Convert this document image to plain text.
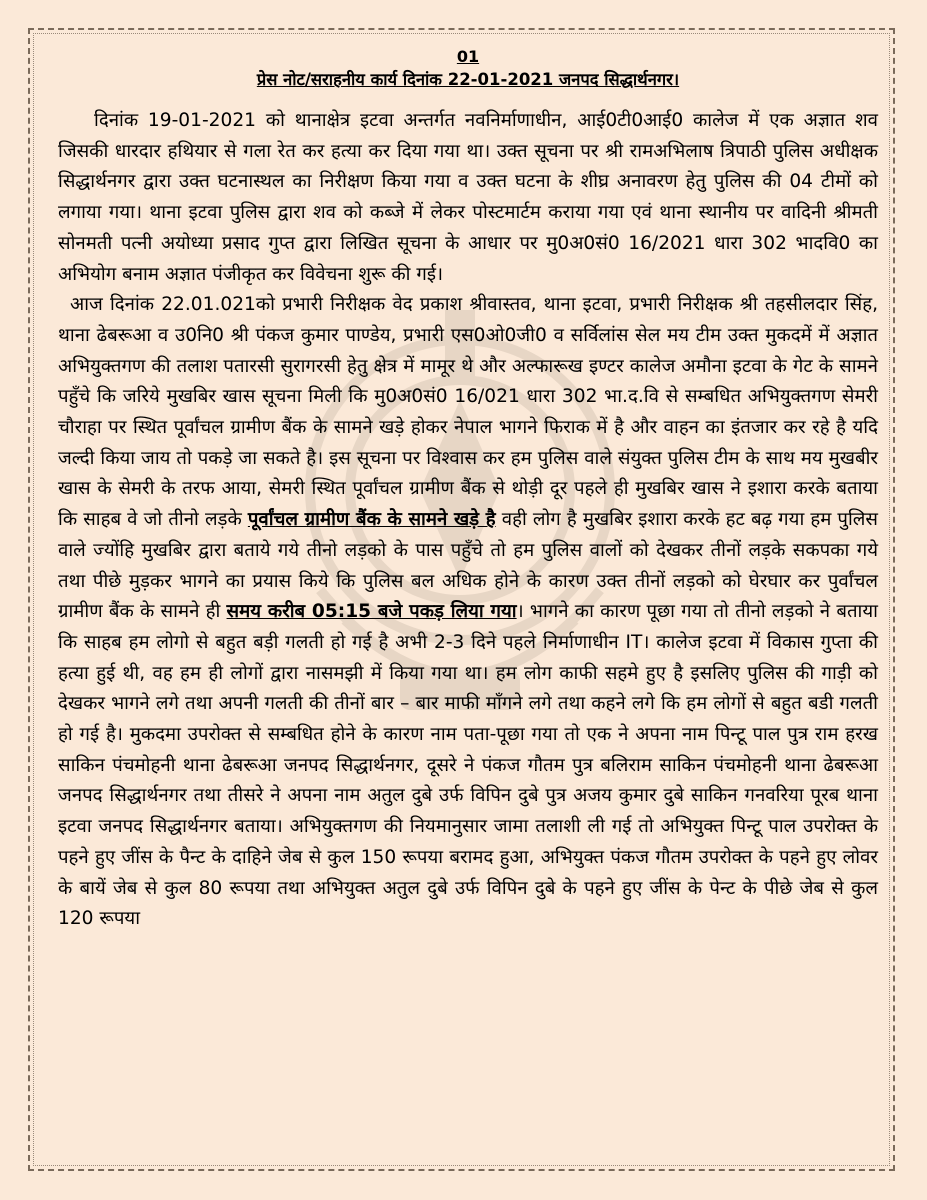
01

प्रेस नोट/सराहनीय कार्य दिनांक 22-01-2021 जनपद सिद्धार्थनगर।

दिनांक 19-01-2021 को थानाक्षेत्र इटवा अन्तर्गत नवनिर्माणाधीन, आई0टी0आई0 कालेज में एक अज्ञात शव जिसकी धारदार हथियार से गला रेत कर हत्या कर दिया गया था। उक्त सूचना पर श्री रामअभिलाष त्रिपाठी पुलिस अधीक्षक सिद्धार्थनगर द्वारा उक्त घटनास्थल का निरीक्षण किया गया व उक्त घटना के शीघ्र अनावरण हेतु पुलिस की 04 टीमों को लगाया गया। थाना इटवा पुलिस द्वारा शव को कब्जे में लेकर पोस्टमार्टम कराया गया एवं थाना स्थानीय पर वादिनी श्रीमती सोनमती पत्नी अयोध्या प्रसाद गुप्त द्वारा लिखित सूचना के आधार पर मु0अ0सं0 16/2021 धारा 302 भादवि0 का अभियोग बनाम अज्ञात पंजीकृत कर विवेचना शुरू की गई।

आज दिनांक 22.01.021को प्रभारी निरीक्षक वेद प्रकाश श्रीवास्तव, थाना इटवा, प्रभारी निरीक्षक श्री तहसीलदार सिंह, थाना ढेबरूआ व उ0नि0 श्री पंकज कुमार पाण्डेय, प्रभारी एस0ओ0जी0 व सर्विलांस सेल मय टीम उक्त मुकदमें में अज्ञात अभियुक्तगण की तलाश पतारसी सुरागरसी हेतु क्षेत्र में मामूर थे और अल्फारूख इण्टर कालेज अमौना इटवा के गेट के सामने पहुँचे कि जरिये मुखबिर खास सूचना मिली कि मु0अ0सं0 16/021 धारा 302 भा.द.वि से सम्बधित अभियुक्तगण सेमरी चौराहा पर स्थित पूर्वांचल ग्रामीण बैंक के सामने खड़े होकर नेपाल भागने फिराक में है और वाहन का इंतजार कर रहे है यदि जल्दी किया जाय तो पकड़े जा सकते है। इस सूचना पर विश्वास कर हम पुलिस वाले संयुक्त पुलिस टीम के साथ मय मुखबीर खास के सेमरी के तरफ आया, सेमरी स्थित पूर्वांचल ग्रामीण बैंक से थोड़ी दूर पहले ही मुखबिर खास ने इशारा करके बताया कि साहब वे जो तीनो लड़के पूर्वांचल ग्रामीण बैंक के सामने खड़े है वही लोग है मुखबिर इशारा करके हट बढ़ गया हम पुलिस वाले ज्योंहि मुखबिर द्वारा बताये गये तीनो लड़को के पास पहुँचे तो हम पुलिस वालों को देखकर तीनों लड़के सकपका गये तथा पीछे मुड़कर भागने का प्रयास किये कि पुलिस बल अधिक होने के कारण उक्त तीनों लड़को को घेरघार कर पुर्वांचल ग्रामीण बैंक के सामने ही समय करीब 05:15 बजे पकड़ लिया गया। भागने का कारण पूछा गया तो तीनो लड़को ने बताया कि साहब हम लोगो से बहुत बड़ी गलती हो गई है अभी 2-3 दिने पहले निर्माणाधीन IT। कालेज इटवा में विकास गुप्ता की हत्या हुई थी, वह हम ही लोगों द्वारा नासमझी में किया गया था। हम लोग काफी सहमे हुए है इसलिए पुलिस की गाड़ी को देखकर भागने लगे तथा अपनी गलती की तीनों बार – बार माफी माँगने लगे तथा कहने लगे कि हम लोगों से बहुत बडी गलती हो गई है। मुकदमा उपरोक्त से सम्बधित होने के कारण नाम पता-पूछा गया तो एक ने अपना नाम पिन्टू पाल पुत्र राम हरख साकिन पंचमोहनी थाना ढेबरूआ जनपद सिद्धार्थनगर, दूसरे ने पंकज गौतम पुत्र बलिराम साकिन पंचमोहनी थाना ढेबरूआ जनपद सिद्धार्थनगर तथा तीसरे ने अपना नाम अतुल दुबे उर्फ विपिन दुबे पुत्र अजय कुमार दुबे साकिन गनवरिया पूरब थाना इटवा जनपद सिद्धार्थनगर बताया। अभियुक्तगण की नियमानुसार जामा तलाशी ली गई तो अभियुक्त पिन्टू पाल उपरोक्त के पहने हुए जींस के पैन्ट के दाहिने जेब से कुल 150 रूपया बरामद हुआ, अभियुक्त पंकज गौतम उपरोक्त के पहने हुए लोवर के बायें जेब से कुल 80 रूपया तथा अभियुक्त अतुल दुबे उर्फ विपिन दुबे के पहने हुए जींस के पेन्ट के पीछे जेब से कुल 120 रूपया
